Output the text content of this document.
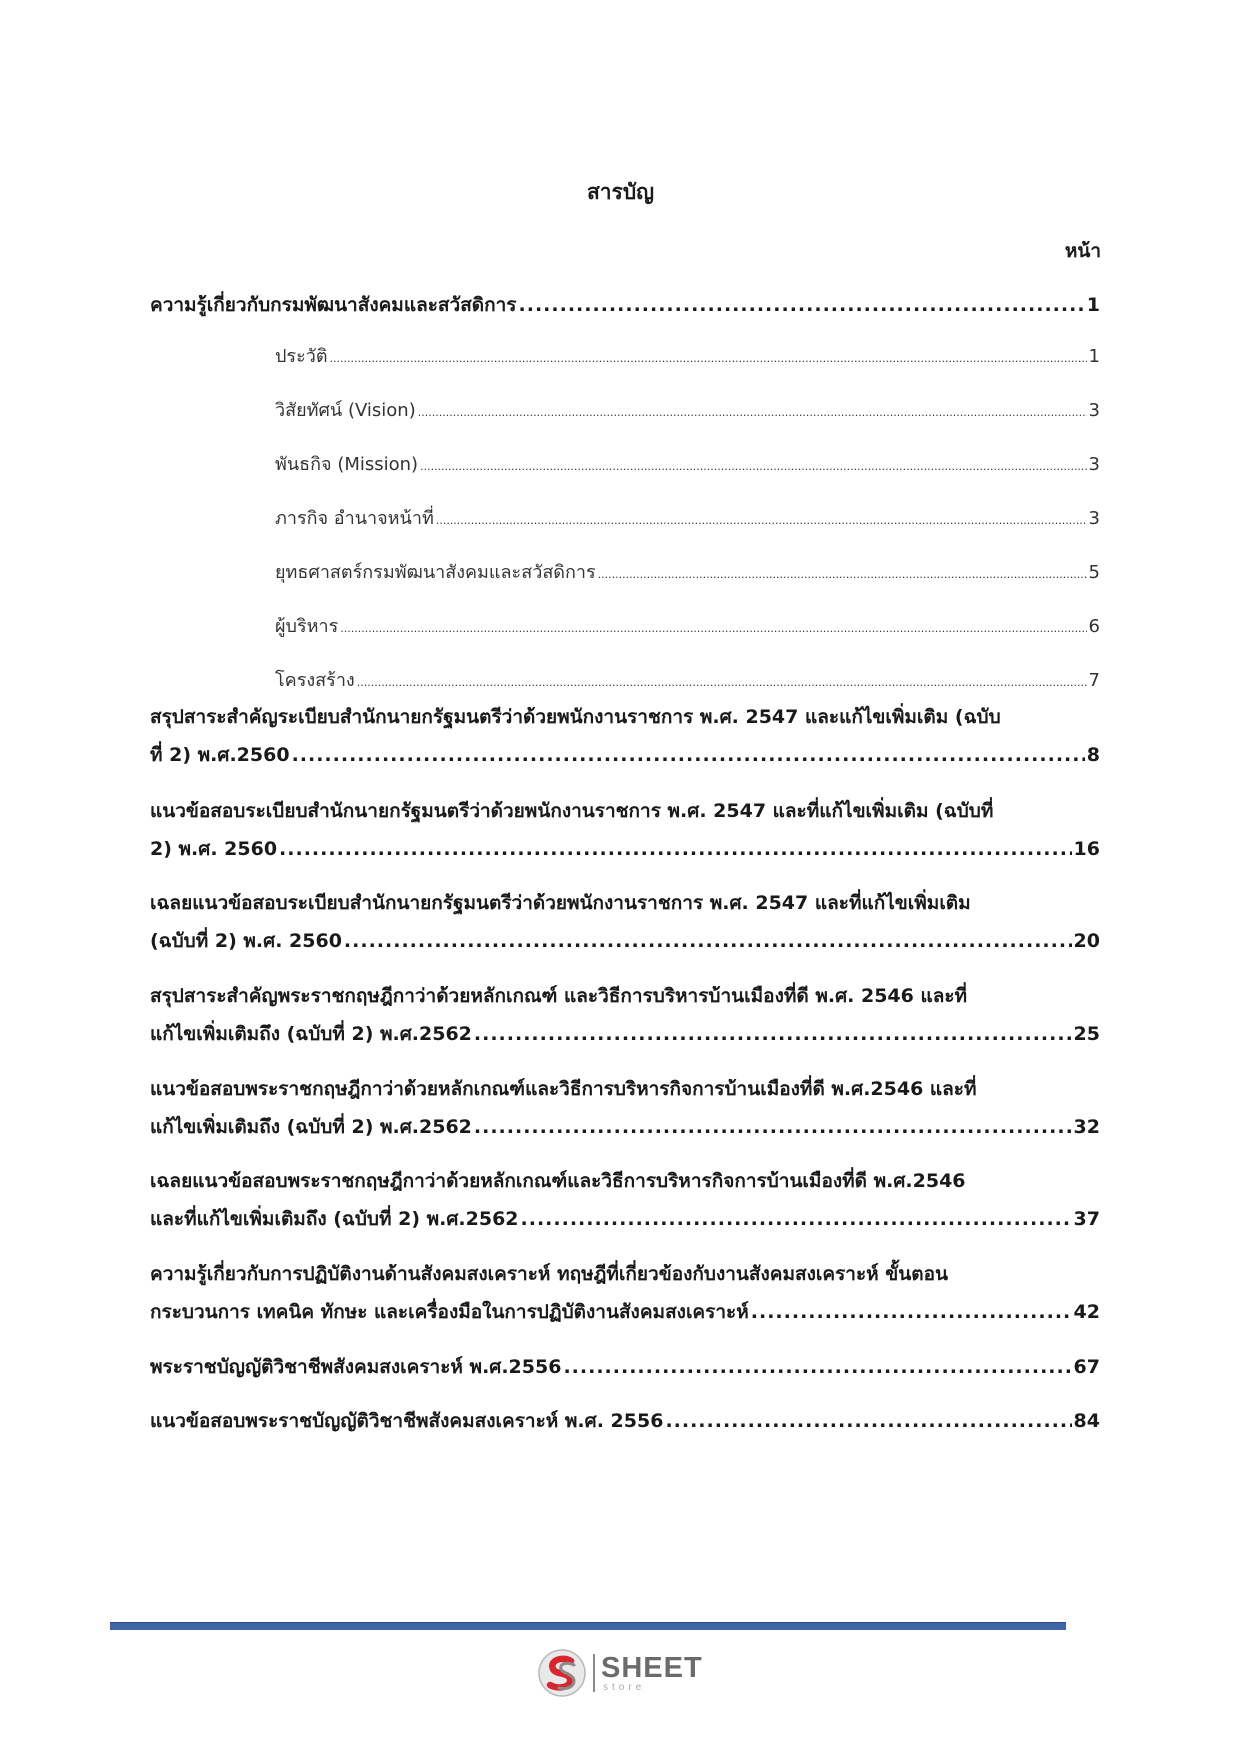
สารบัญ
หน้า
ความรู้เกี่ยวกับกรมพัฒนาสังคมและสวัสดิการ .....	1
ประวัติ .....	1
วิสัยทัศน์ (Vision) .....	3
พันธกิจ (Mission) .....	3
ภารกิจ อำนาจหน้าที่ .....	3
ยุทธศาสตร์กรมพัฒนาสังคมและสวัสดิการ .....	5
ผู้บริหาร .....	6
โครงสร้าง .....	7
สรุปสาระสำคัญระเบียบสำนักนายกรัฐมนตรีว่าด้วยพนักงานราชการ พ.ศ. 2547 และแก้ไขเพิ่มเติม (ฉบับ
ที่ 2) พ.ศ.2560 .....	8
แนวข้อสอบระเบียบสำนักนายกรัฐมนตรีว่าด้วยพนักงานราชการ พ.ศ. 2547 และที่แก้ไขเพิ่มเติม (ฉบับที่
2) พ.ศ. 2560 .....	16
เฉลยแนวข้อสอบระเบียบสำนักนายกรัฐมนตรีว่าด้วยพนักงานราชการ พ.ศ. 2547 และที่แก้ไขเพิ่มเติม
(ฉบับที่ 2) พ.ศ. 2560 .....	20
สรุปสาระสำคัญพระราชกฤษฎีกาว่าด้วยหลักเกณฑ์ และวิธีการบริหารบ้านเมืองที่ดี พ.ศ. 2546 และที่
แก้ไขเพิ่มเติมถึง (ฉบับที่ 2) พ.ศ.2562 .....	25
แนวข้อสอบพระราชกฤษฎีกาว่าด้วยหลักเกณฑ์และวิธีการบริหารกิจการบ้านเมืองที่ดี พ.ศ.2546 และที่
แก้ไขเพิ่มเติมถึง (ฉบับที่ 2) พ.ศ.2562 .....	32
เฉลยแนวข้อสอบพระราชกฤษฎีกาว่าด้วยหลักเกณฑ์และวิธีการบริหารกิจการบ้านเมืองที่ดี พ.ศ.2546
และที่แก้ไขเพิ่มเติมถึง (ฉบับที่ 2) พ.ศ.2562 .....	37
ความรู้เกี่ยวกับการปฏิบัติงานด้านสังคมสงเคราะห์ ทฤษฎีที่เกี่ยวข้องกับงานสังคมสงเคราะห์ ขั้นตอน
กระบวนการ เทคนิค ทักษะ และเครื่องมือในการปฏิบัติงานสังคมสงเคราะห์ .....	42
พระราชบัญญัติวิชาชีพสังคมสงเคราะห์ พ.ศ.2556 .....	67
แนวข้อสอบพระราชบัญญัติวิชาชีพสังคมสงเคราะห์ พ.ศ. 2556 .....	84
SHEET
store
